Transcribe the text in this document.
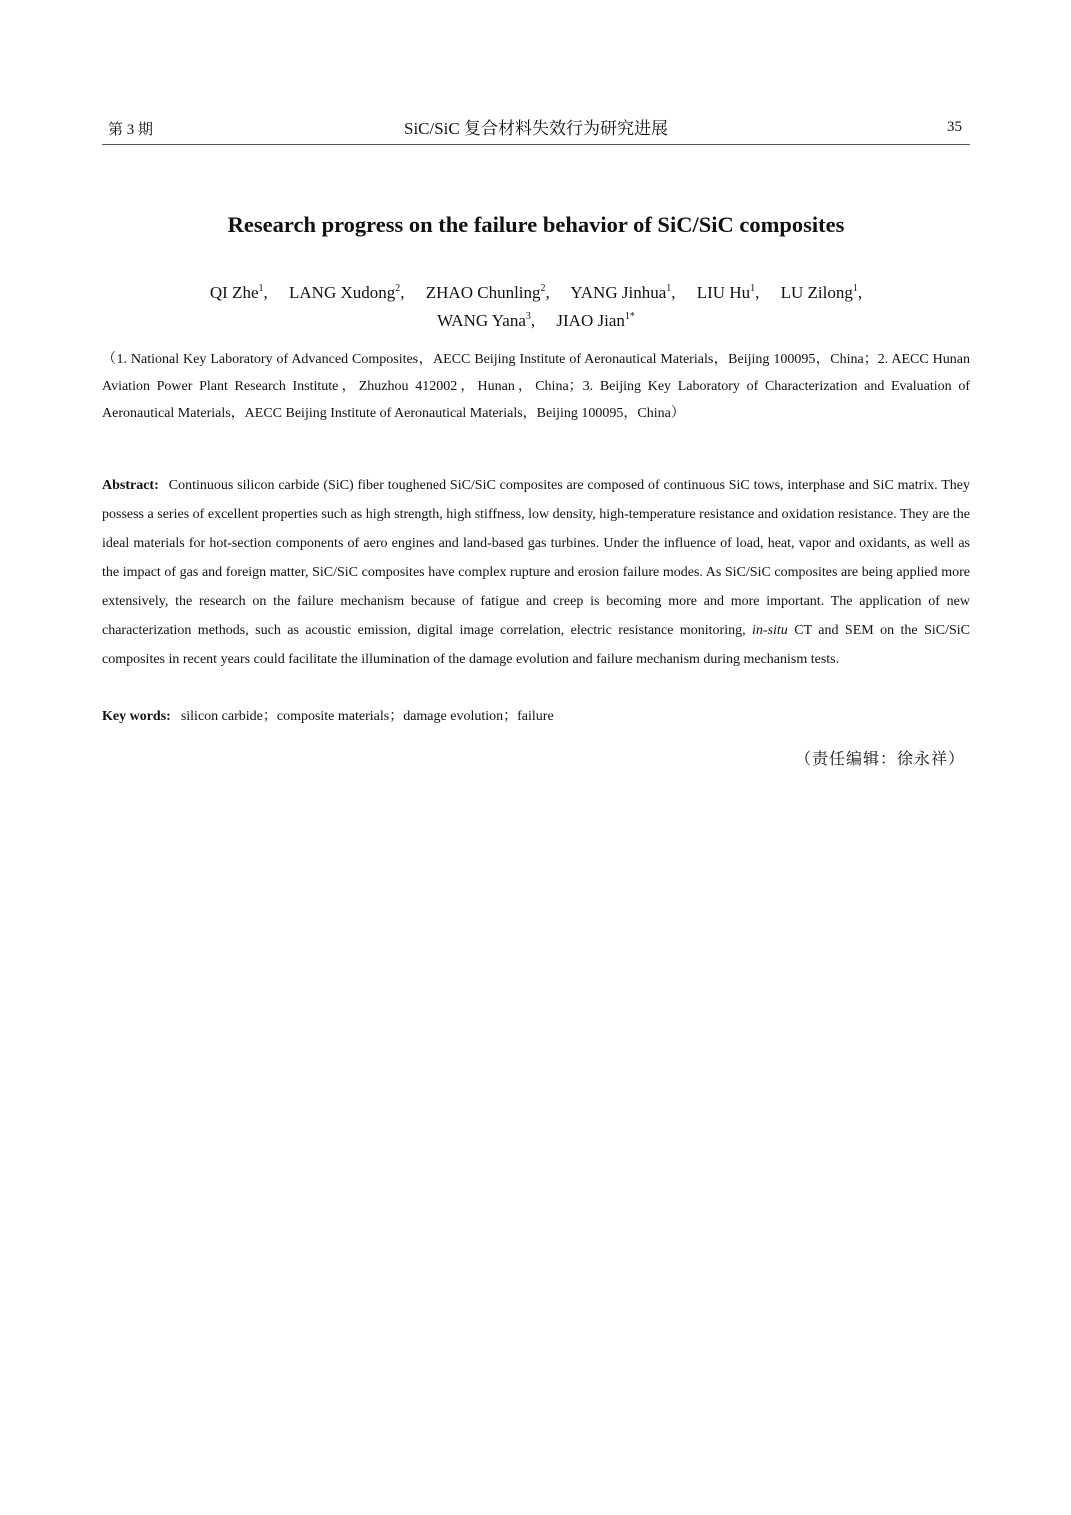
第 3 期	SiC/SiC 复合材料失效行为研究进展	35
Research progress on the failure behavior of SiC/SiC composites
QI Zhe$^1$,     LANG Xudong$^2$,     ZHAO Chunling$^2$,     YANG Jinhua$^1$,     LIU Hu$^1$,     LU Zilong$^1$,
WANG Yana$^3$,     JIAO Jian$^{1*}$
（1. National Key Laboratory of Advanced Composites，AECC Beijing Institute of Aeronautical Materials，Beijing 100095，China；2. AECC Hunan Aviation Power Plant Research Institute，Zhuzhou 412002，Hunan，China；3. Beijing Key Laboratory of Characterization and Evaluation of Aeronautical Materials，AECC Beijing Institute of Aeronautical Materials，Beijing 100095，China）
Abstract: Continuous silicon carbide (SiC) fiber toughened SiC/SiC composites are composed of continuous SiC tows, interphase and SiC matrix. They possess a series of excellent properties such as high strength, high stiffness, low density, high-temperature resistance and oxidation resistance. They are the ideal materials for hot-section components of aero engines and land-based gas turbines. Under the influence of load, heat, vapor and oxidants, as well as the impact of gas and foreign matter, SiC/SiC composites have complex rupture and erosion failure modes. As SiC/SiC composites are being applied more extensively, the research on the failure mechanism because of fatigue and creep is becoming more and more important. The application of new characterization methods, such as acoustic emission, digital image correlation, electric resistance monitoring, in-situ CT and SEM on the SiC/SiC composites in recent years could facilitate the illumination of the damage evolution and failure mechanism during mechanism tests.
Key words: silicon carbide；composite materials；damage evolution；failure
（责任编辑：徐永祥）
